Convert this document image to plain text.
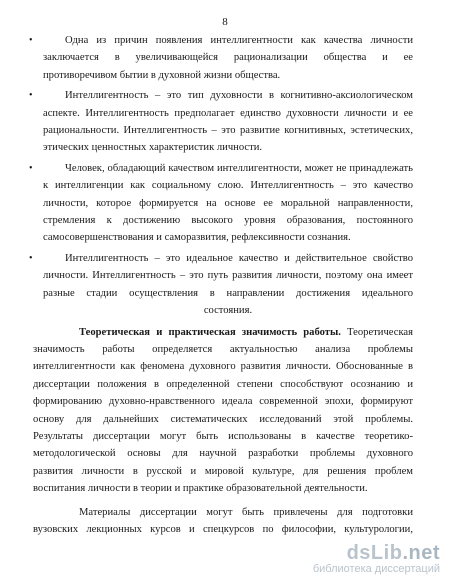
8
•	Одна из причин появления интеллигентности как качества личности
заключается в увеличивающейся рационализации общества и ее
противоречивом бытии в духовной жизни общества.
•	Интеллигентность – это тип духовности в когнитивно-аксиологическом
аспекте. Интеллигентность предполагает единство духовности личности и ее
рациональности. Интеллигентность – это развитие когнитивных, эстетических,
этических ценностных характеристик личности.
•	Человек, обладающий качеством интеллигентности, может не принадлежать
к интеллигенции как социальному слою. Интеллигентность – это качество
личности, которое формируется на основе ее моральной направленности,
стремления к достижению высокого уровня образования, постоянного
самосовершенствования и саморазвития, рефлексивности сознания.
•	Интеллигентность – это идеальное качество и действительное свойство
личности. Интеллигентность – это путь развития личности, поэтому она имеет
разные стадии осуществления в направлении достижения идеального
состояния.
Теоретическая и практическая значимость работы. Теоретическая
значимость работы определяется актуальностью анализа проблемы
интеллигентности как феномена духовного развития личности. Обоснованные в
диссертации положения в определенной степени способствуют осознанию и
формированию духовно-нравственного идеала современной эпохи, формируют
основу для дальнейших систематических исследований этой проблемы.
Результаты диссертации могут быть использованы в качестве теоретико-
методологической основы для научной разработки проблемы духовного
развития личности в русской и мировой культуре, для решения проблем
воспитания личности в теории и практике образовательной деятельности.
Материалы диссертации могут быть привлечены для подготовки
вузовских лекционных курсов и спецкурсов по философии, культурологии,
dsLib.net
библиотека диссертаций
